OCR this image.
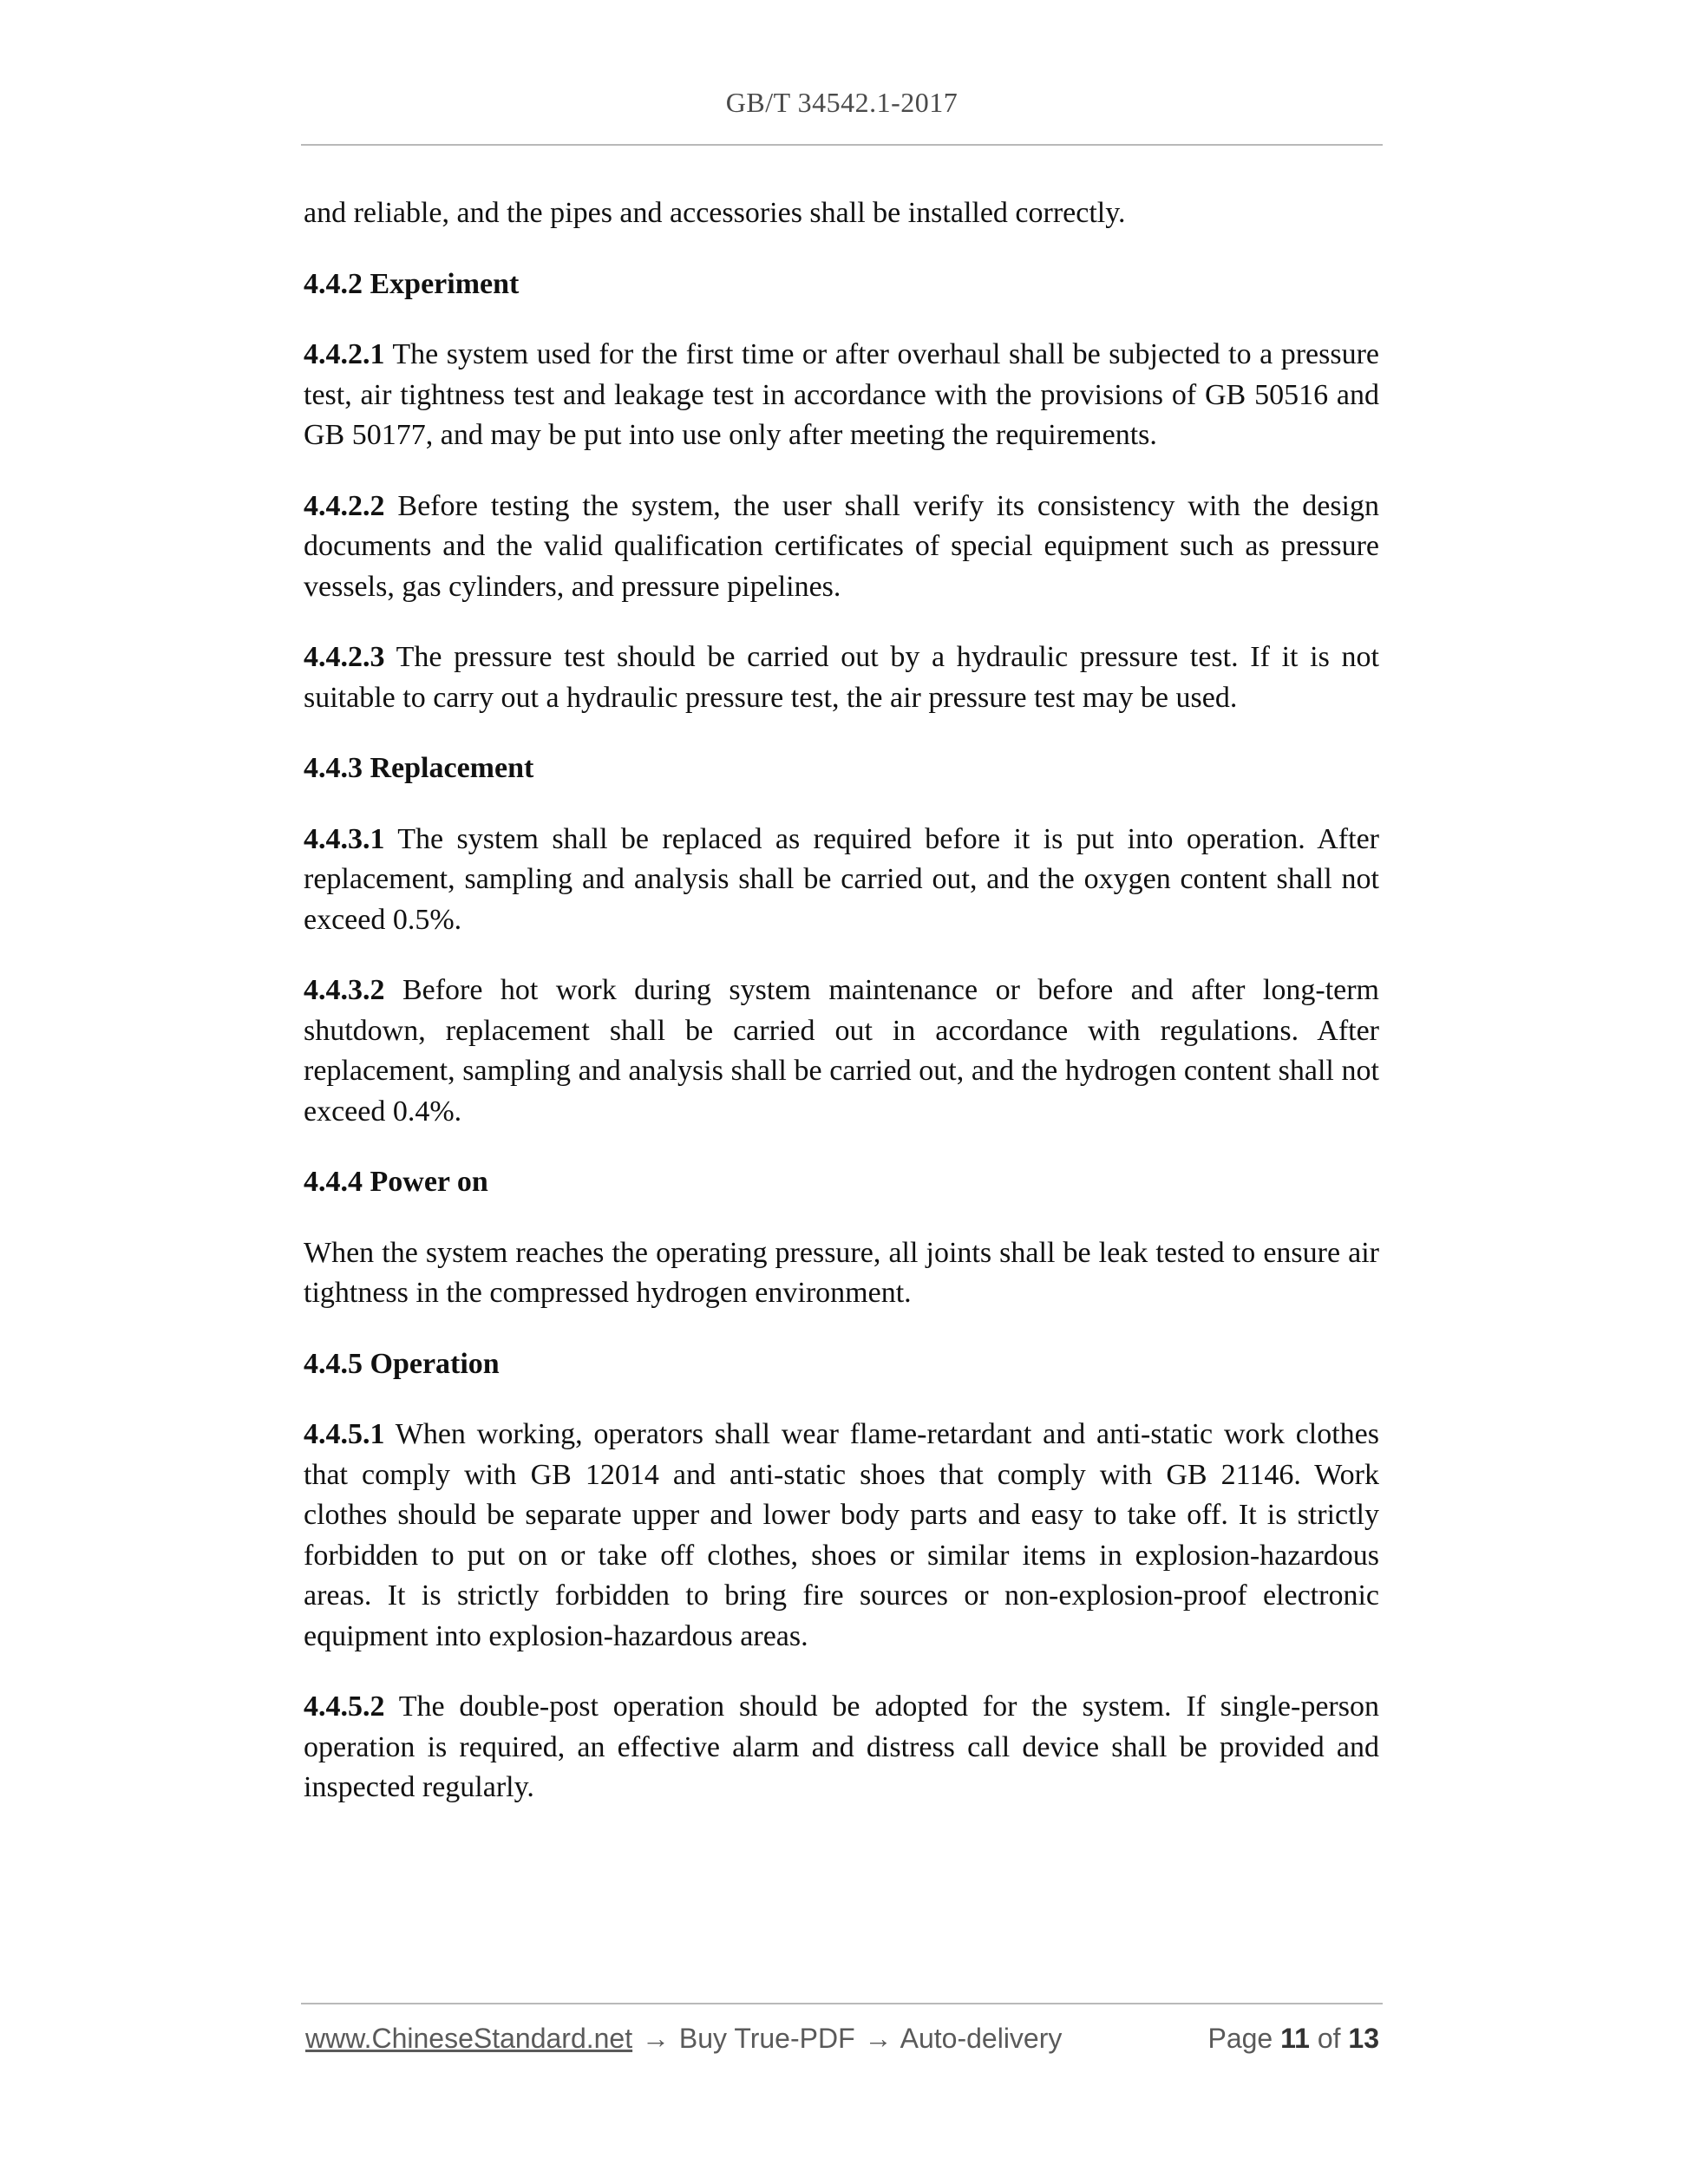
GB/T 34542.1-2017

and reliable, and the pipes and accessories shall be installed correctly.

4.4.2 Experiment

4.4.2.1 The system used for the first time or after overhaul shall be subjected to a pressure test, air tightness test and leakage test in accordance with the provisions of GB 50516 and GB 50177, and may be put into use only after meeting the requirements.

4.4.2.2 Before testing the system, the user shall verify its consistency with the design documents and the valid qualification certificates of special equipment such as pressure vessels, gas cylinders, and pressure pipelines.

4.4.2.3 The pressure test should be carried out by a hydraulic pressure test. If it is not suitable to carry out a hydraulic pressure test, the air pressure test may be used.

4.4.3 Replacement

4.4.3.1 The system shall be replaced as required before it is put into operation. After replacement, sampling and analysis shall be carried out, and the oxygen content shall not exceed 0.5%.

4.4.3.2 Before hot work during system maintenance or before and after long-term shutdown, replacement shall be carried out in accordance with regulations. After replacement, sampling and analysis shall be carried out, and the hydrogen content shall not exceed 0.4%.

4.4.4 Power on

When the system reaches the operating pressure, all joints shall be leak tested to ensure air tightness in the compressed hydrogen environment.

4.4.5 Operation

4.4.5.1 When working, operators shall wear flame-retardant and anti-static work clothes that comply with GB 12014 and anti-static shoes that comply with GB 21146. Work clothes should be separate upper and lower body parts and easy to take off. It is strictly forbidden to put on or take off clothes, shoes or similar items in explosion-hazardous areas. It is strictly forbidden to bring fire sources or non-explosion-proof electronic equipment into explosion-hazardous areas.

4.4.5.2 The double-post operation should be adopted for the system. If single-person operation is required, an effective alarm and distress call device shall be provided and inspected regularly.

www.ChineseStandard.net → Buy True-PDF → Auto-delivery	Page 11 of 13
